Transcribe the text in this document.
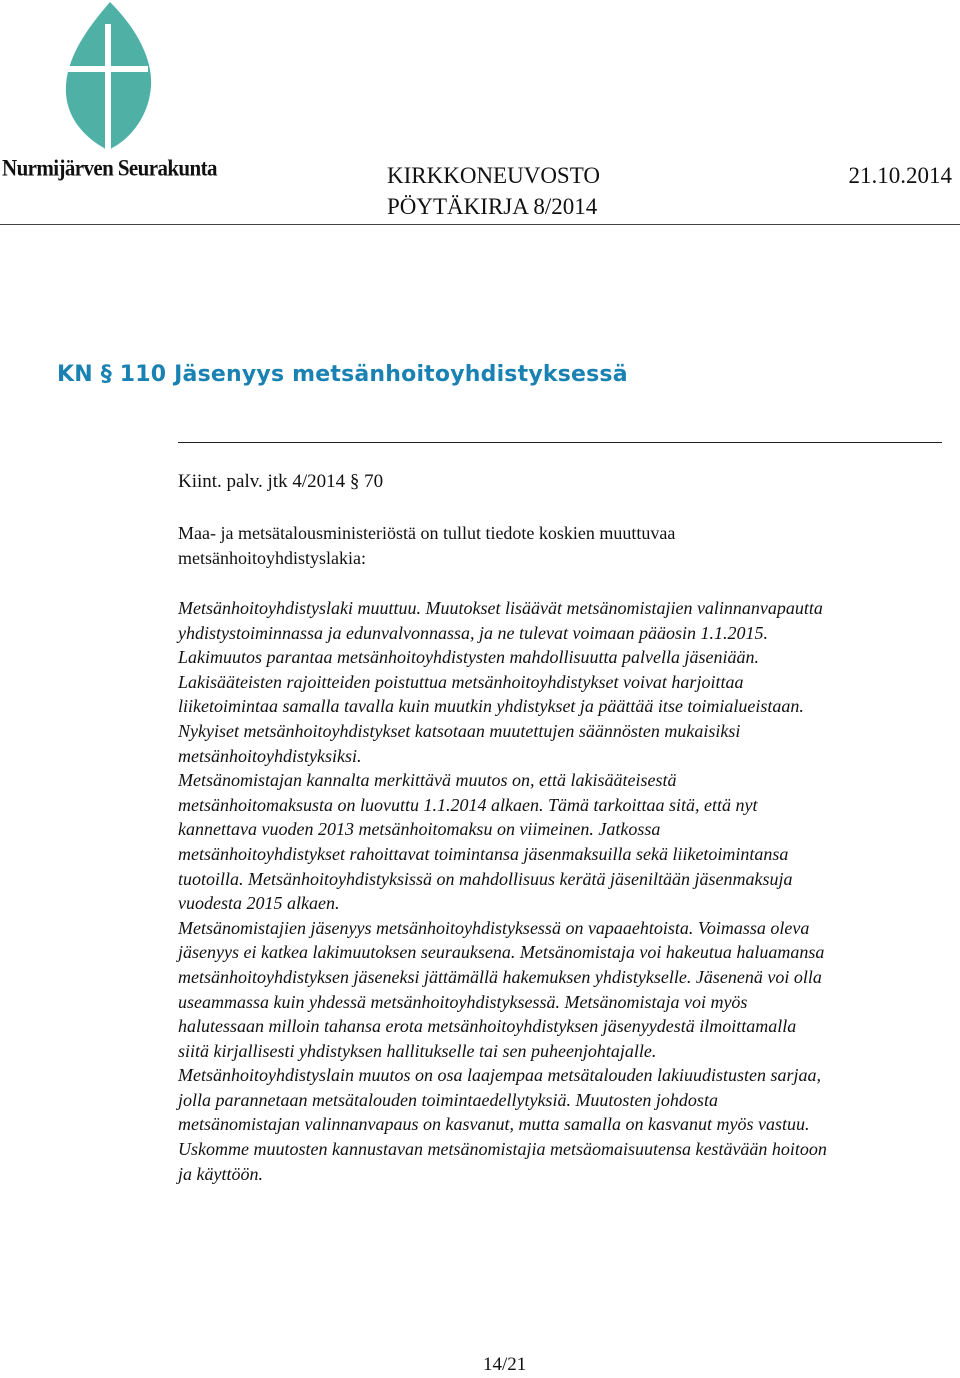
Nurmijärven Seurakunta	KIRKKONEUVOSTO	21.10.2014
PÖYTÄKIRJA 8/2014
KN § 110 Jäsenyys metsänhoitoyhdistyksessä
Kiint. palv. jtk 4/2014 § 70
Maa- ja metsätalousministeriöstä on tullut tiedote koskien muuttuvaa
metsänhoitoyhdistyslakia:
Metsänhoitoyhdistyslaki muuttuu. Muutokset lisäävät metsänomistajien valinnanvapautta
yhdistystoiminnassa ja edunvalvonnassa, ja ne tulevat voimaan pääosin 1.1.2015.
Lakimuutos parantaa metsänhoitoyhdistysten mahdollisuutta palvella jäseniään.
Lakisääteisten rajoitteiden poistuttua metsänhoitoyhdistykset voivat harjoittaa
liiketoimintaa samalla tavalla kuin muutkin yhdistykset ja päättää itse toimialueistaan.
Nykyiset metsänhoitoyhdistykset katsotaan muutettujen säännösten mukaisiksi
metsänhoitoyhdistyksiksi.
Metsänomistajan kannalta merkittävä muutos on, että lakisääteisestä
metsänhoitomaksusta on luovuttu 1.1.2014 alkaen. Tämä tarkoittaa sitä, että nyt
kannettava vuoden 2013 metsänhoitomaksu on viimeinen. Jatkossa
metsänhoitoyhdistykset rahoittavat toimintansa jäsenmaksuilla sekä liiketoimintansa
tuotoilla. Metsänhoitoyhdistyksissä on mahdollisuus kerätä jäseniltään jäsenmaksuja
vuodesta 2015 alkaen.
Metsänomistajien jäsenyys metsänhoitoyhdistyksessä on vapaaehtoista. Voimassa oleva
jäsenyys ei katkea lakimuutoksen seurauksena. Metsänomistaja voi hakeutua haluamansa
metsänhoitoyhdistyksen jäseneksi jättämällä hakemuksen yhdistykselle. Jäsenenä voi olla
useammassa kuin yhdessä metsänhoitoyhdistyksessä. Metsänomistaja voi myös
halutessaan milloin tahansa erota metsänhoitoyhdistyksen jäsenyydestä ilmoittamalla
siitä kirjallisesti yhdistyksen hallitukselle tai sen puheenjohtajalle.
Metsänhoitoyhdistyslain muutos on osa laajempaa metsätalouden lakiuudistusten sarjaa,
jolla parannetaan metsätalouden toimintaedellytyksiä. Muutosten johdosta
metsänomistajan valinnanvapaus on kasvanut, mutta samalla on kasvanut myös vastuu.
Uskomme muutosten kannustavan metsänomistajia metsäomaisuutensa kestävään hoitoon
ja käyttöön.
14/21
